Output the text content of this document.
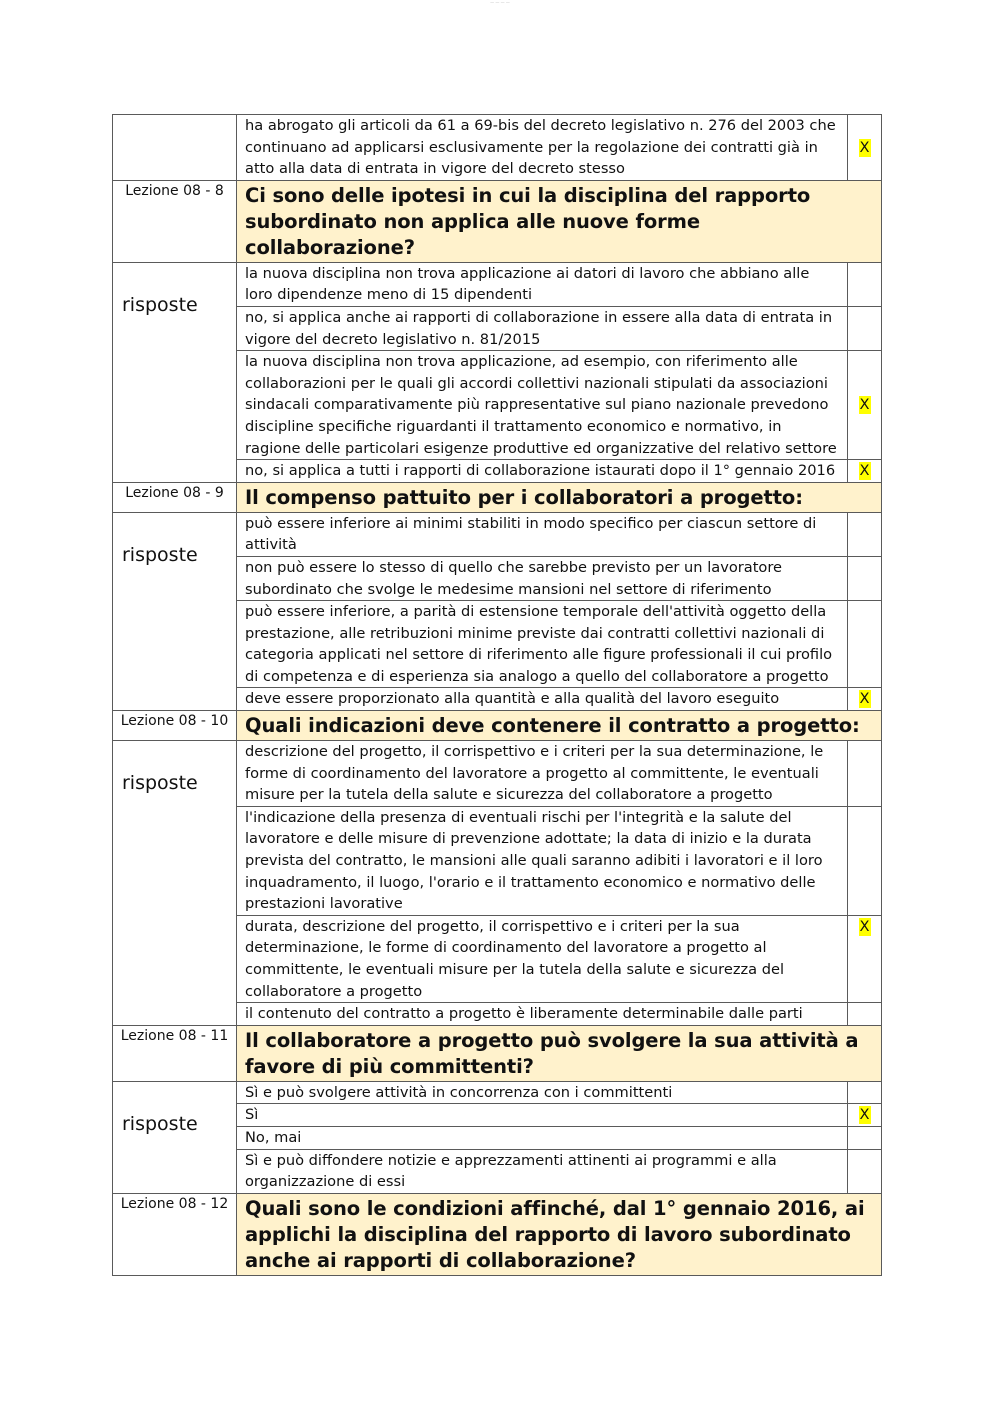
— — — —

	ha abrogato gli articoli da 61 a 69-bis del decreto legislativo n. 276 del 2003 che continuano ad applicarsi esclusivamente per la regolazione dei contratti già in atto alla data di entrata in vigore del decreto stesso	X
Lezione 08 - 8	Ci sono delle ipotesi in cui la disciplina del rapporto subordinato non applica alle nuove forme collaborazione?	

risposte	la nuova disciplina non trova applicazione ai datori di lavoro che abbiano alle loro dipendenze meno di 15 dipendenti	

	no, si applica anche ai rapporti di collaborazione in essere alla data di entrata in vigore del decreto legislativo n. 81/2015	

	la nuova disciplina non trova applicazione, ad esempio, con riferimento alle collaborazioni per le quali gli accordi collettivi nazionali stipulati da associazioni sindacali comparativamente più rappresentative sul piano nazionale prevedono discipline specifiche riguardanti il trattamento economico e normativo, in ragione delle particolari esigenze produttive ed organizzative del relativo settore	X

	no, si applica a tutti i rapporti di collaborazione istaurati dopo il 1° gennaio 2016	X
Lezione 08 - 9	Il compenso pattuito per i collaboratori a progetto:	

risposte	può essere inferiore ai minimi stabiliti in modo specifico per ciascun settore di attività	

	non può essere lo stesso di quello che sarebbe previsto per un lavoratore subordinato che svolge le medesime mansioni nel settore di riferimento	

	può essere inferiore, a parità di estensione temporale dell'attività oggetto della prestazione, alle retribuzioni minime previste dai contratti collettivi nazionali di categoria applicati nel settore di riferimento alle figure professionali il cui profilo di competenza e di esperienza sia analogo a quello del collaboratore a progetto	

	deve essere proporzionato alla quantità e alla qualità del lavoro eseguito	X
Lezione 08 - 10	Quali indicazioni deve contenere il contratto a progetto:	

risposte	descrizione del progetto, il corrispettivo e i criteri per la sua determinazione, le forme di coordinamento del lavoratore a progetto al committente, le eventuali misure per la tutela della salute e sicurezza del collaboratore a progetto	

	l'indicazione della presenza di eventuali rischi per l'integrità e la salute del lavoratore e delle misure di prevenzione adottate; la data di inizio e la durata prevista del contratto, le mansioni alle quali saranno adibiti i lavoratori e il loro inquadramento, il luogo, l'orario e il trattamento economico e normativo delle prestazioni lavorative	

	durata, descrizione del progetto, il corrispettivo e i criteri per la sua determinazione, le forme di coordinamento del lavoratore a progetto al committente, le eventuali misure per la tutela della salute e sicurezza del collaboratore a progetto	X

	il contenuto del contratto a progetto è liberamente determinabile dalle parti	

Lezione 08 - 11	Il collaboratore a progetto può svolgere la sua attività a favore di più committenti?	

risposte	Sì e può svolgere attività in concorrenza con i committenti	

	Sì	X

	No, mai	

	Sì e può diffondere notizie e apprezzamenti attinenti ai programmi e alla organizzazione di essi	

Lezione 08 - 12	Quali sono le condizioni affinché, dal 1° gennaio 2016, ai applichi la disciplina del rapporto di lavoro subordinato anche ai rapporti di collaborazione?	
